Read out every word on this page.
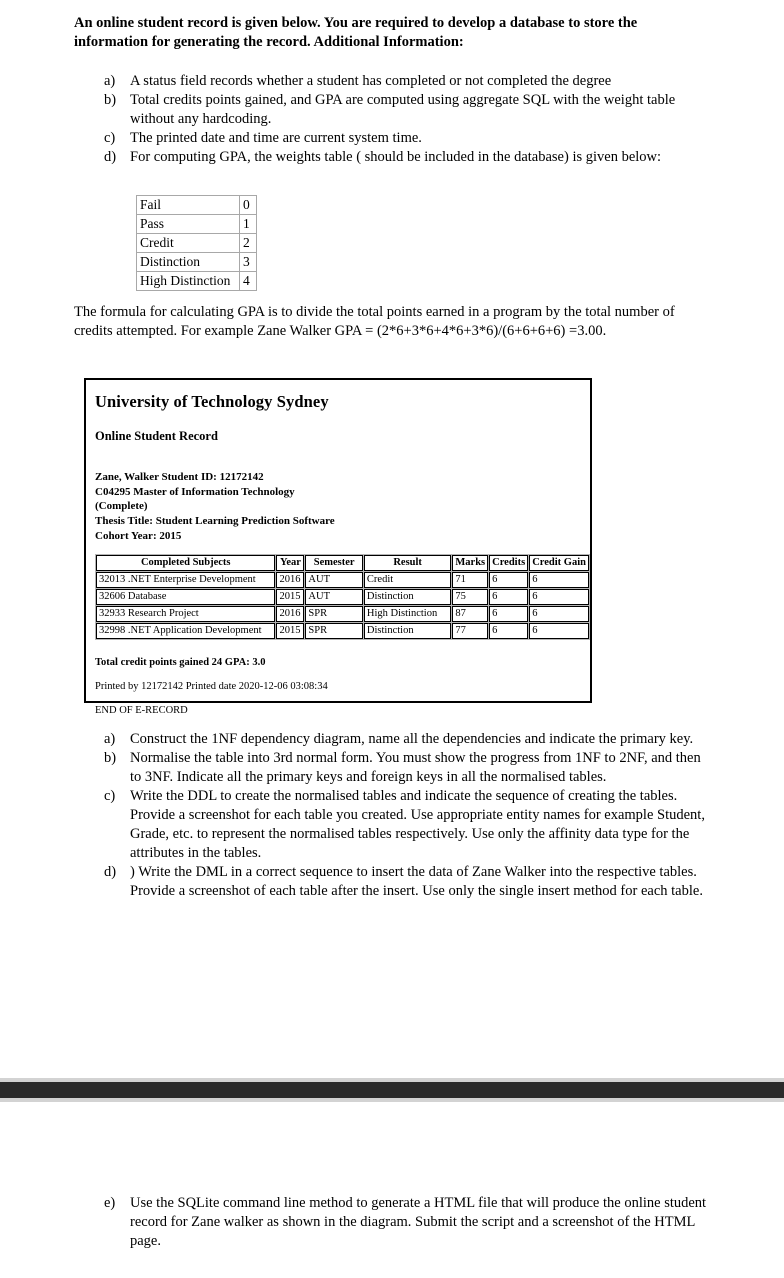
An online student record is given below. You are required to develop a database to store the information for generating the record. Additional Information:
a)	A status field records whether a student has completed or not completed the degree
b) Total credits points gained, and GPA are computed using aggregate SQL with the weight table without any hardcoding.
c)	The printed date and time are current system time.
d) For computing GPA, the weights table ( should be included in the database) is given below:
Fail	0
Pass	1
Credit	2
Distinction	3
High Distinction	4
The formula for calculating GPA is to divide the total points earned in a program by the total number of credits attempted. For example Zane Walker GPA = (2*6+3*6+4*6+3*6)/(6+6+6+6) =3.00.
University of Technology Sydney
Online Student Record
Zane, Walker Student ID: 12172142
C04295 Master of Information Technology
(Complete)
Thesis Title: Student Learning Prediction Software
Cohort Year: 2015
Completed Subjects	Year	Semester	Result	Marks	Credits	Credit Gain
32013 .NET Enterprise Development	2016	AUT	Credit	71	6	6
32606 Database	2015	AUT	Distinction	75	6	6
32933 Research Project	2016	SPR	High Distinction	87	6	6
32998 .NET Application Development	2015	SPR	Distinction	77	6	6
Total credit points gained 24 GPA: 3.0
Printed by 12172142 Printed date 2020-12-06 03:08:34
END OF E-RECORD
a)	Construct the 1NF dependency diagram, name all the dependencies and indicate the primary key.
b) Normalise the table into 3rd normal form. You must show the progress from 1NF to 2NF, and then to 3NF. Indicate all the primary keys and foreign keys in all the normalised tables.
c)	Write the DDL to create the normalised tables and indicate the sequence of creating the tables. Provide a screenshot for each table you created. Use appropriate entity names for example Student, Grade, etc. to represent the normalised tables respectively. Use only the affinity data type for the attributes in the tables.
d) ) Write the DML in a correct sequence to insert the data of Zane Walker into the respective tables. Provide a screenshot of each table after the insert. Use only the single insert method for each table.
e)	Use the SQLite command line method to generate a HTML file that will produce the online student record for Zane walker as shown in the diagram. Submit the script and a screenshot of the HTML page.
